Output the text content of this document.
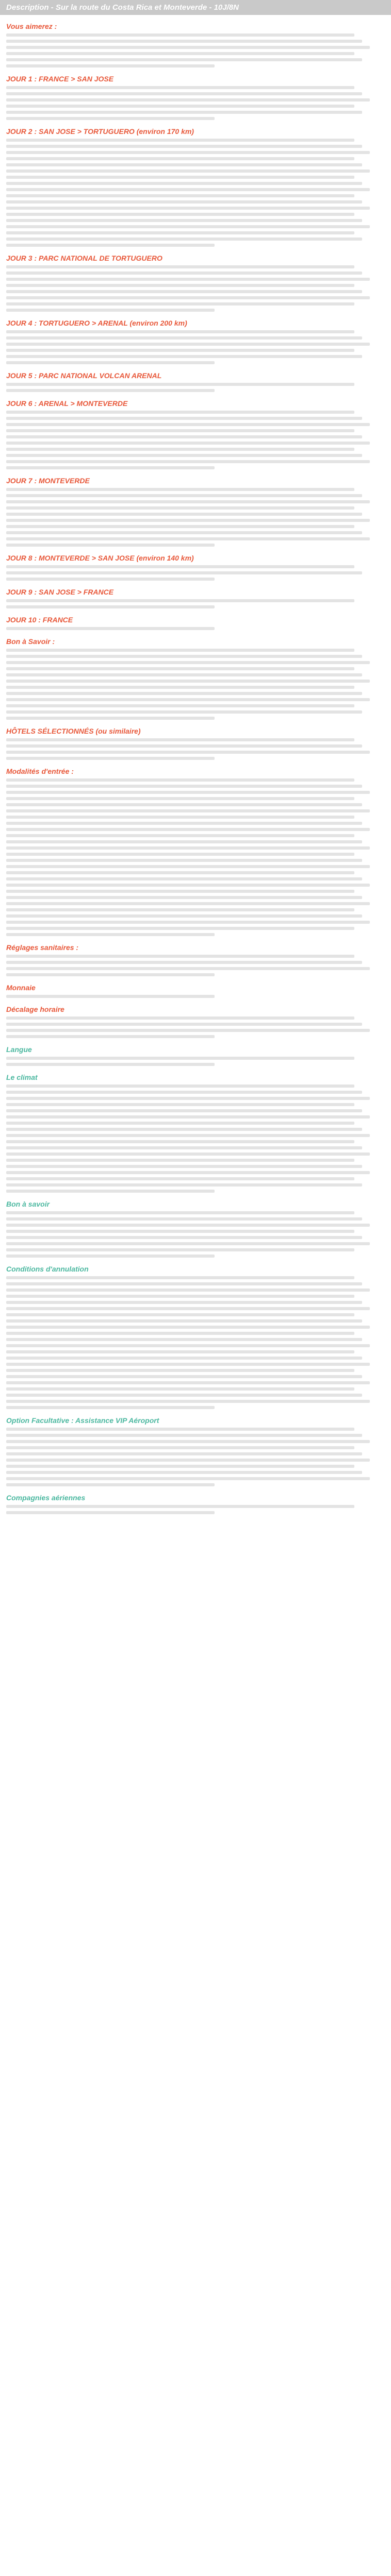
Description - Sur la route du Costa Rica et Monteverde - 10J/8N
Vous aimerez :
JOUR 1 : FRANCE > SAN JOSE
JOUR 2 : SAN JOSE > TORTUGUERO (environ 170 km)
JOUR 3 : PARC NATIONAL DE TORTUGUERO
JOUR 4 : TORTUGUERO > ARENAL (environ 200 km)
JOUR 5 : PARC NATIONAL VOLCAN ARENAL
JOUR 6 : ARENAL > MONTEVERDE
JOUR 7 : MONTEVERDE
JOUR 8 : MONTEVERDE > SAN JOSE (environ 140 km)
JOUR 9 : SAN JOSE > FRANCE
JOUR 10 : FRANCE
Bon à Savoir :
HÔTELS SÉLECTIONNÉS (ou similaire)
Modalités d'entrée :
Réglages sanitaires :
Monnaie
Décalage horaire
Langue
Le climat
Bon à savoir
Conditions d'annulation
Option Facultative : Assistance VIP Aéroport
Compagnies aériennes
